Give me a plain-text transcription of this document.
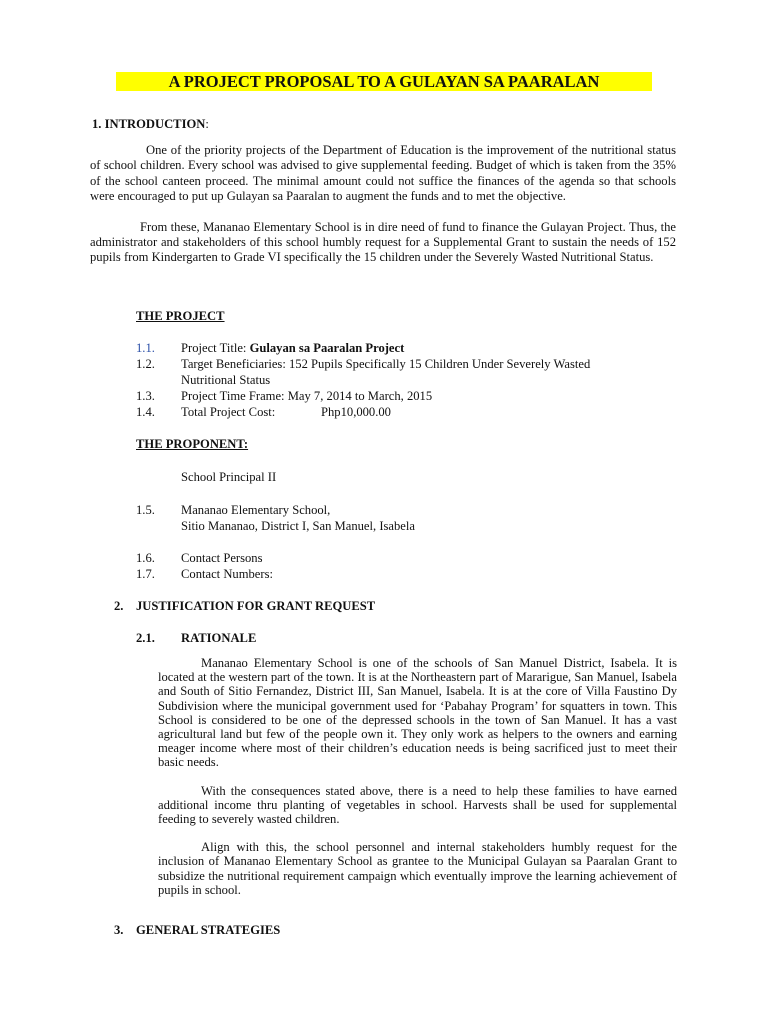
A PROJECT PROPOSAL TO A GULAYAN SA PAARALAN
1. INTRODUCTION:

One of the priority projects of the Department of Education is the improvement of the nutritional status of school children. Every school was advised to give supplemental feeding. Budget of which is taken from the 35% of the school canteen proceed. The minimal amount could not suffice the finances of the agenda so that schools were encouraged to put up Gulayan sa Paaralan to augment the funds and to met the objective.

From these, Mananao Elementary School is in dire need of fund to finance the Gulayan Project. Thus, the administrator and stakeholders of this school humbly request for a Supplemental Grant to sustain the needs of 152 pupils from Kindergarten to Grade VI specifically the 15 children under the Severely Wasted Nutritional Status.

THE PROJECT
1.1. Project Title: Gulayan sa Paaralan Project
1.2. Target Beneficiaries: 152 Pupils Specifically 15 Children Under Severely Wasted
Nutritional Status
1.3. Project Time Frame: May 7, 2014 to March, 2015
1.4. Total Project Cost:	Php10,000.00
THE PROPONENT:
School Principal II
1.5. Mananao Elementary School,
Sitio Mananao, District I, San Manuel, Isabela
1.6. Contact Persons
1.7. Contact Numbers:
2. JUSTIFICATION FOR GRANT REQUEST
2.1. RATIONALE

Mananao Elementary School is one of the schools of San Manuel District, Isabela. It is located at the western part of the town. It is at the Northeastern part of Mararigue, San Manuel, Isabela and South of Sitio Fernandez, District III, San Manuel, Isabela. It is at the core of Villa Faustino Dy Subdivision where the municipal government used for ‘Pabahay Program’ for squatters in town. This School is considered to be one of the depressed schools in the town of San Manuel. It has a vast agricultural land but few of the people own it. They only work as helpers to the owners and earning meager income where most of their children’s education needs is being sacrificed just to meet their basic needs.

With the consequences stated above, there is a need to help these families to have earned additional income thru planting of vegetables in school. Harvests shall be used for supplemental feeding to severely wasted children.

Align with this, the school personnel and internal stakeholders humbly request for the inclusion of Mananao Elementary School as grantee to the Municipal Gulayan sa Paaralan Grant to subsidize the nutritional requirement campaign which eventually improve the learning achievement of pupils in school.

3. GENERAL STRATEGIES
